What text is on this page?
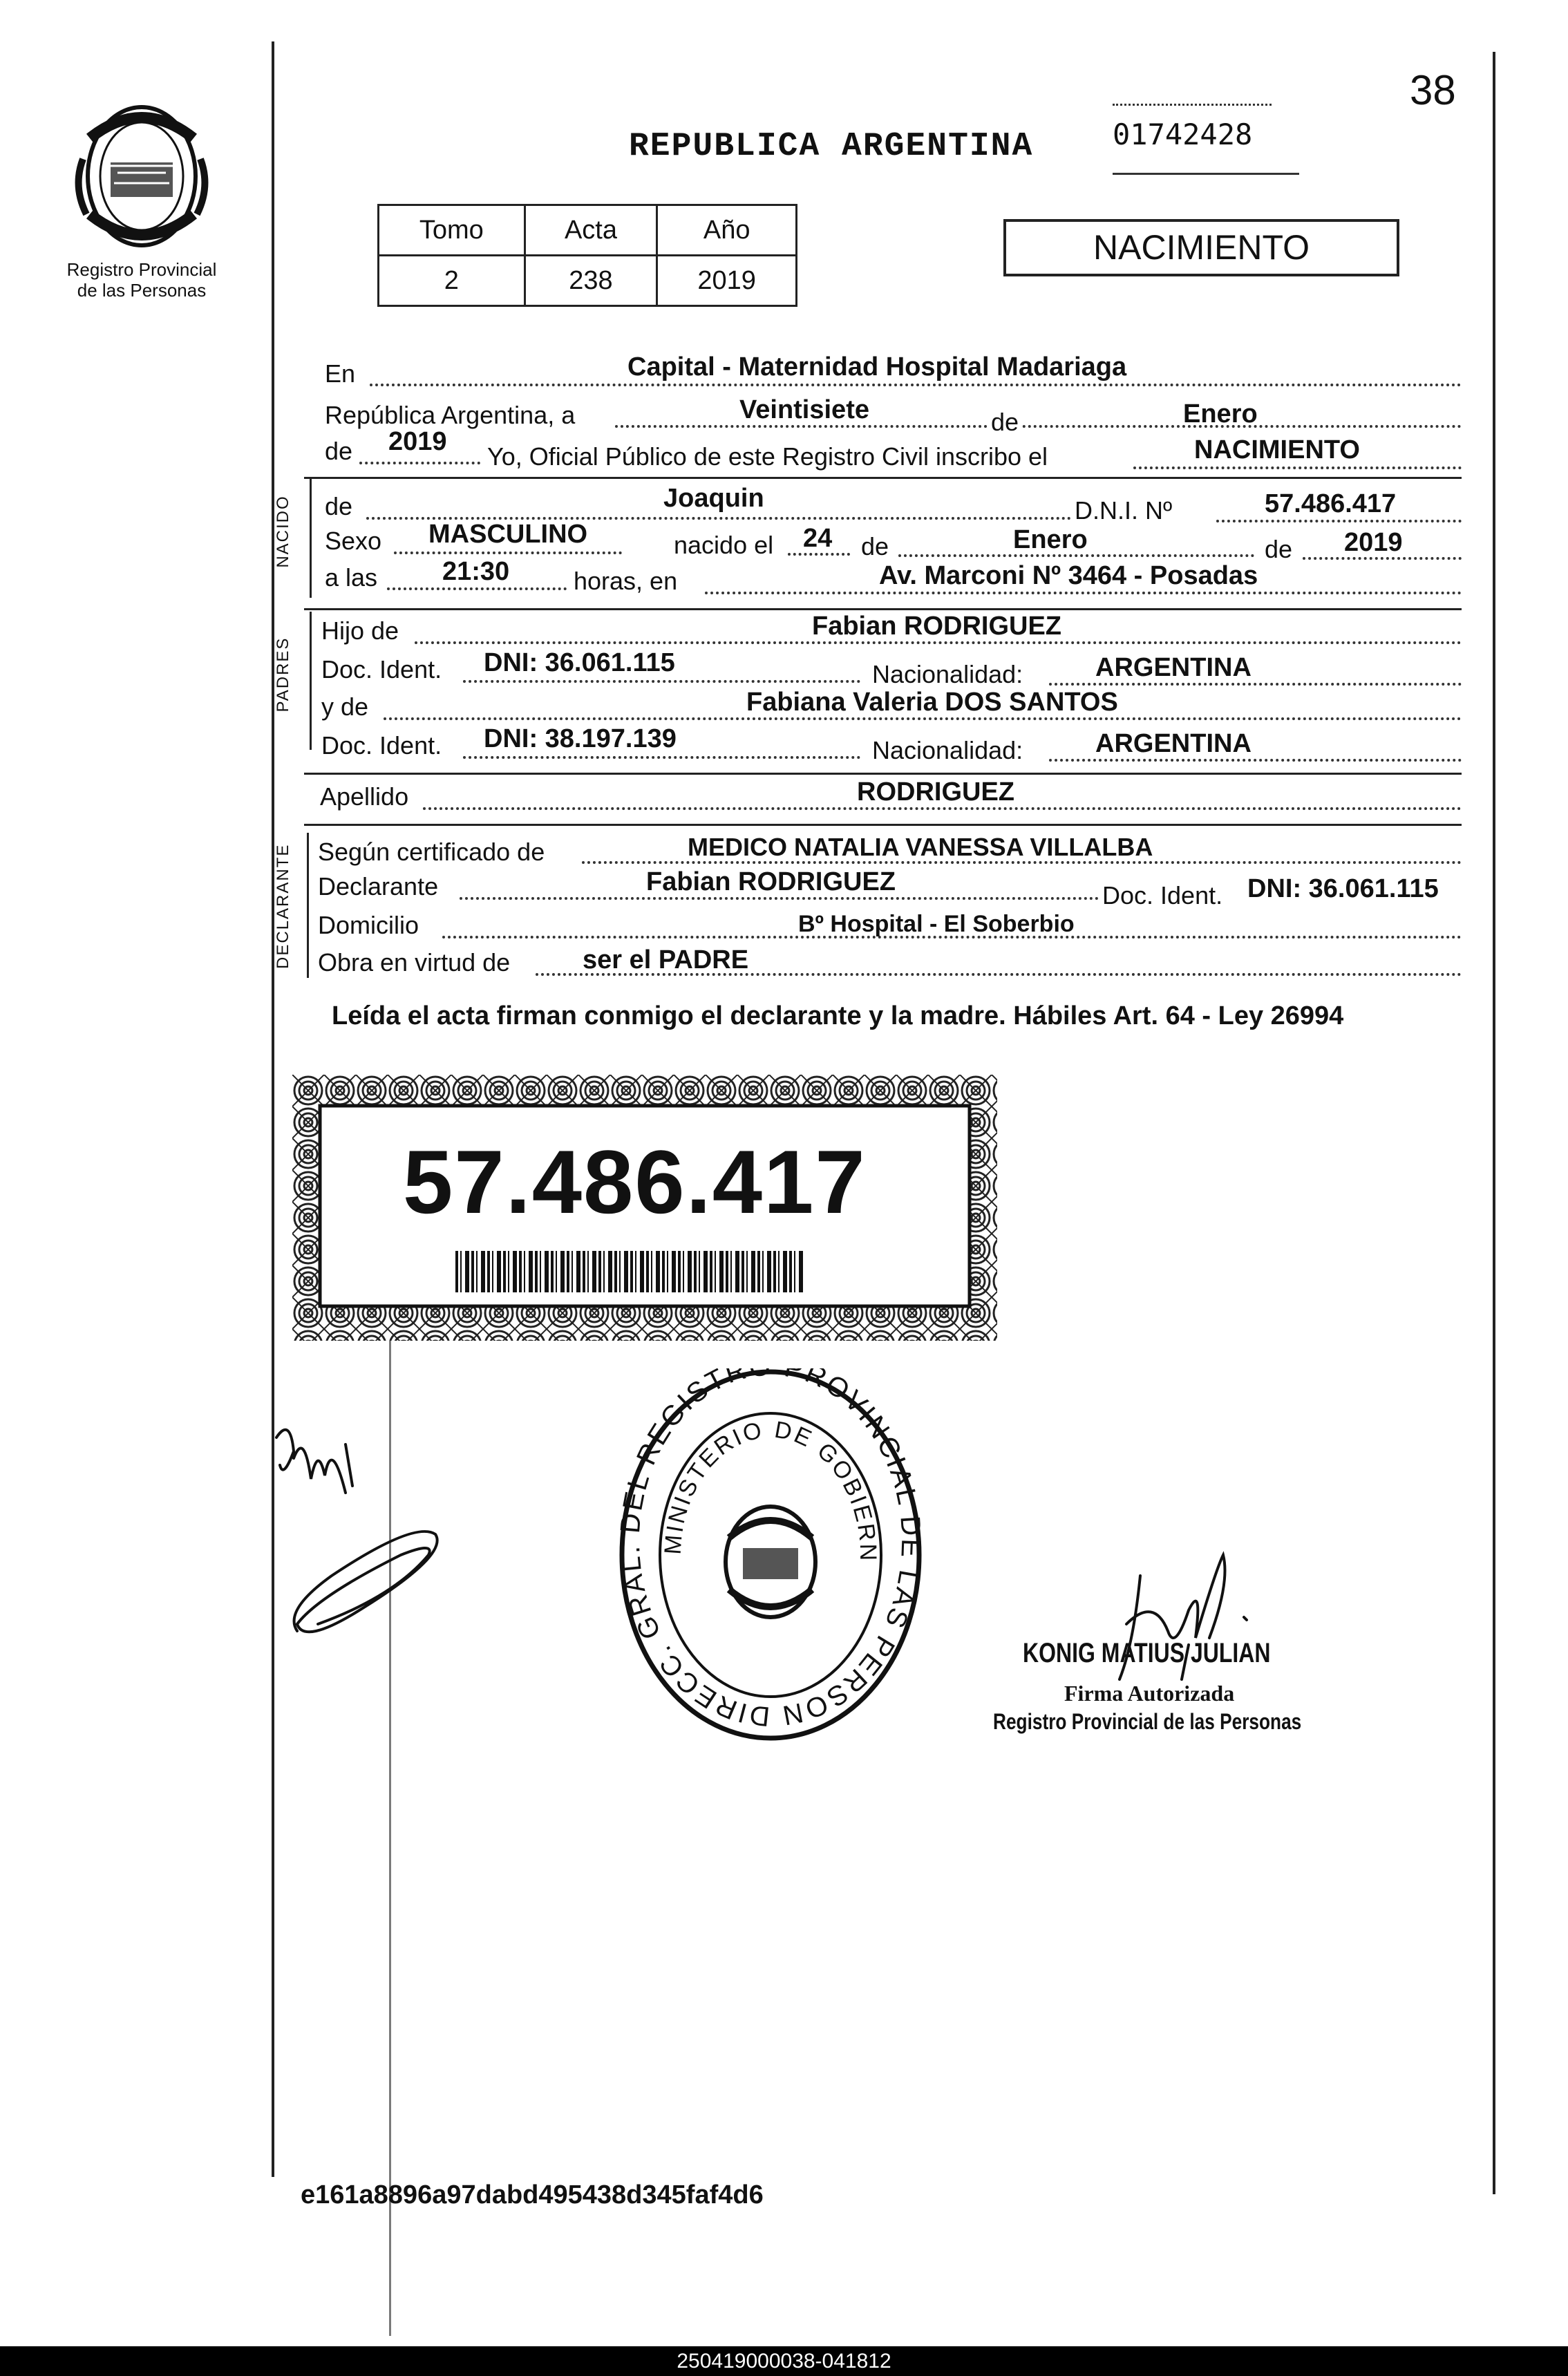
Registro Provincial
de las Personas
38
REPUBLICA ARGENTINA	01742428
Tomo	Acta	Año
2	238	2019
NACIMIENTO
En	Capital - Maternidad Hospital Madariaga
República Argentina, a	Veintisiete	de	Enero
de 2019
Yo, Oficial Público de este Registro Civil inscribo el	NACIMIENTO
NACIDO de	Joaquin	D.N.I. Nº	57.486.417
Sexo MASCULINO	nacido el 24 de	Enero	de 2019
a las 21:30	horas, en	Av. Marconi Nº 3464 - Posadas
PADRES
Hijo de	Fabian RODRIGUEZ
Doc. Ident. DNI: 36.061.115	Nacionalidad:	ARGENTINA
y de	Fabiana Valeria DOS SANTOS
Doc. Ident. DNI: 38.197.139	Nacionalidad:	ARGENTINA
Apellido	RODRIGUEZ
DECLARANTE Según certificado de	MEDICO NATALIA VANESSA VILLALBA
Declarante	Fabian RODRIGUEZ	Doc. Ident. DNI: 36.061.115
Domicilio	Bº Hospital - El Soberbio
Obra en virtud de	ser el PADRE
Leída el acta firman conmigo el declarante y la madre. Hábiles Art. 64 - Ley 26994
57.486.417
DIRECC. GRAL EL REGISTR PROVINCIAL LAS PERSON
MINISTERIO DE GOBIERN
KONIG MATIUS JULIAN
Firma Autorizada
Registro Provincial de las Personas
e161a8896a97dabd495438d345faf4d6
250419000038-041812
